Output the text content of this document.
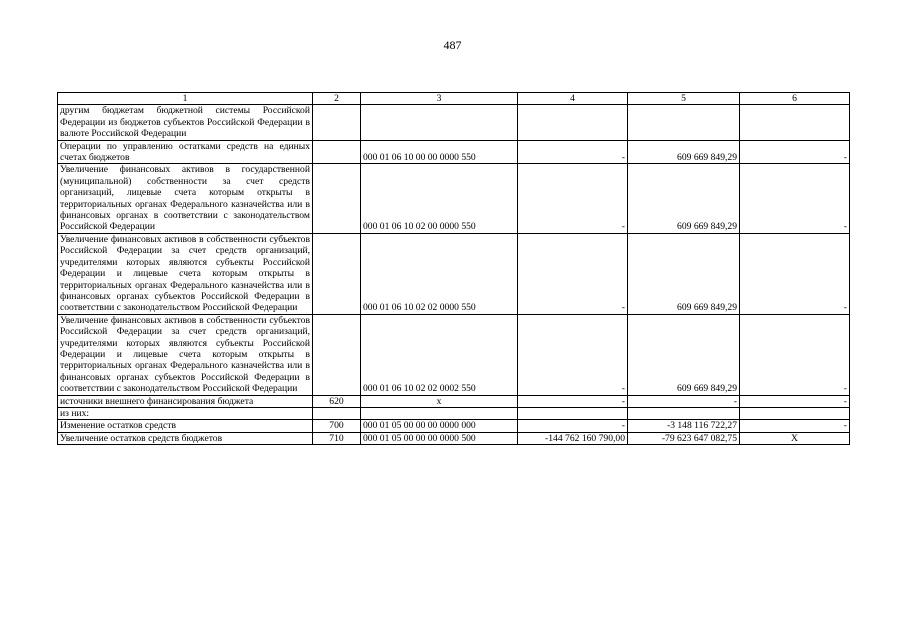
487
1	2	3	4	5	6
другим бюджетам бюджетной системы Российской Федерации из бюджетов субъектов Российской Федерации в валюте Российской Федерации					
Операции по управлению остатками средств на единых счетах бюджетов		000 01 06 10 00 00 0000 550	-	609 669 849,29	-
Увеличение финансовых активов в государственной (муниципальной) собственности за счет средств организаций, лицевые счета которым открыты в территориальных органах Федерального казначейства или в финансовых органах в соответствии с законодательством Российской Федерации		000 01 06 10 02 00 0000 550	-	609 669 849,29	-
Увеличение финансовых активов в собственности субъектов Российской Федерации за счет средств организаций, учредителями которых являются субъекты Российской Федерации и лицевые счета которым открыты в территориальных органах Федерального казначейства или в финансовых органах субъектов Российской Федерации в соответствии с законодательством Российской Федерации		000 01 06 10 02 02 0000 550	-	609 669 849,29	-
Увеличение финансовых активов в собственности субъектов Российской Федерации за счет средств организаций, учредителями которых являются субъекты Российской Федерации и лицевые счета которым открыты в территориальных органах Федерального казначейства или в финансовых органах субъектов Российской Федерации в соответствии с законодательством Российской Федерации		000 01 06 10 02 02 0002 550	-	609 669 849,29	-
источники внешнего финансирования бюджета	620	х	-	-	-
из них:					
Изменение остатков средств	700	000 01 05 00 00 00 0000 000	-	-3 148 116 722,27	-
Увеличение остатков средств бюджетов	710	000 01 05 00 00 00 0000 500	-144 762 160 790,00	-79 623 647 082,75	Х
